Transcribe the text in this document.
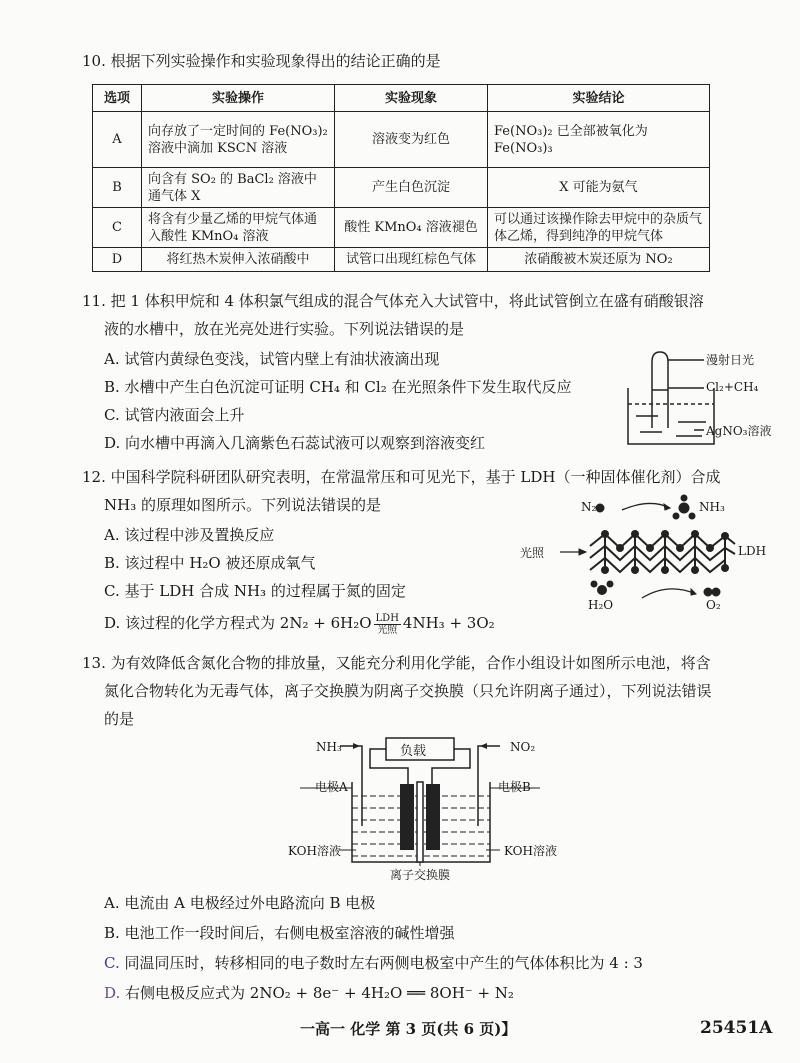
10. 根据下列实验操作和实验现象得出的结论正确的是
选项	实验操作	实验现象	实验结论
A	向存放了一定时间的 Fe(NO₃)₂ 溶液中滴加 KSCN 溶液	溶液变为红色	Fe(NO₃)₂ 已全部被氧化为 Fe(NO₃)₃
B	向含有 SO₂ 的 BaCl₂ 溶液中通气体 X	产生白色沉淀	X 可能为氨气
C	将含有少量乙烯的甲烷气体通入酸性 KMnO₄ 溶液	酸性 KMnO₄ 溶液褪色	可以通过该操作除去甲烷中的杂质气体乙烯，得到纯净的甲烷气体
D	将红热木炭伸入浓硝酸中	试管口出现红棕色气体	浓硝酸被木炭还原为 NO₂
11. 把 1 体积甲烷和 4 体积氯气组成的混合气体充入大试管中，将此试管倒立在盛有硝酸银溶
液的水槽中，放在光亮处进行实验。下列说法错误的是
A. 试管内黄绿色变浅，试管内壁上有油状液滴出现
B. 水槽中产生白色沉淀可证明 CH₄ 和 Cl₂ 在光照条件下发生取代反应
C. 试管内液面会上升
D. 向水槽中再滴入几滴紫色石蕊试液可以观察到溶液变红
漫射日光
Cl₂+CH₄
AgNO₃溶液
12. 中国科学院科研团队研究表明，在常温常压和可见光下，基于 LDH（一种固体催化剂）合成
NH₃ 的原理如图所示。下列说法错误的是
A. 该过程中涉及置换反应
B. 该过程中 H₂O 被还原成氧气
C. 基于 LDH 合成 NH₃ 的过程属于氮的固定
D. 该过程的化学方程式为 $2N_2 + 6H_2O \frac{\text{LDH}}{\text{光照}} 4NH_3 + 3O_2$
N₂	NH₃
光照	LDH
H₂O	O₂
13. 为有效降低含氮化合物的排放量，又能充分利用化学能，合作小组设计如图所示电池，将含
氮化合物转化为无毒气体，离子交换膜为阴离子交换膜（只允许阴离子通过），下列说法错误
的是
NH₃	NO₂
负载
电极A	电极B
KOH溶液	KOH溶液
离子交换膜
A. 电流由 A 电极经过外电路流向 B 电极
B. 电池工作一段时间后，右侧电极室溶液的碱性增强
C. 同温同压时，转移相同的电子数时左右两侧电极室中产生的气体体积比为 4 : 3
D. 右侧电极反应式为 2NO₂ + 8e⁻ + 4H₂O ══ 8OH⁻ + N₂
一高一 化学 第 3 页(共 6 页)】	25451A
